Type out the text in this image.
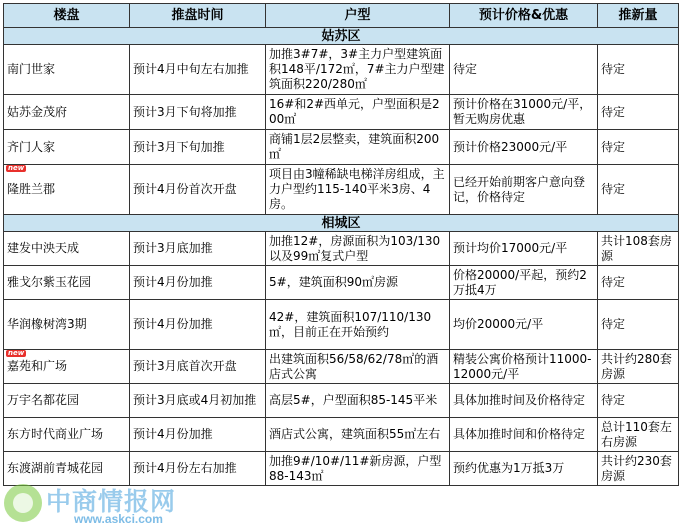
楼盘	推盘时间	户型	预计价格&优惠	推新量
姑苏区				
南门世家	预计4月中旬左右加推	加推3#7#，3#主力户型建筑面积148平/172㎡，7#主力户型建筑面积220/280㎡	待定	待定
姑苏金茂府	预计3月下旬将加推	16#和2#西单元，户型面积是200㎡	预计价格在31000元/平，暂无购房优惠	待定
齐门人家	预计3月下旬加推	商铺1层2层整卖，建筑面积200㎡	预计价格23000元/平	待定

new
隆胜兰郡	预计4月份首次开盘	项目由3幢稀缺电梯洋房组成，主力户型约115-140平米3房、4房。	已经开始前期客户意向登记，价格待定	待定
相城区				
建发中泱天成	预计3月底加推	加推12#，房源面积为103/130以及99㎡复式户型	预计均价17000元/平	共计108套房源
雅戈尔紫玉花园	预计4月份加推	5#，建筑面积90㎡房源	价格20000/平起，预约2万抵4万	待定
华润橡树湾3期	预计4月份加推	42#，建筑面积107/110/130㎡，目前正在开始预约	均价20000元/平	待定

new
嘉苑和广场	预计3月底首次开盘	出建筑面积56/58/62/78㎡的酒店式公寓	精装公寓价格预计11000-12000元/平	共计约280套房源
万宇名都花园	预计3月底或4月初加推	高层5#，户型面积85-145平米	具体加推时间及价格待定	待定
东方时代商业广场	预计4月份加推	酒店式公寓，建筑面积55㎡左右	具体加推时间和价格待定	总计110套左右房源
东渡湖前青城花园	预计4月份左右加推	加推9#/10#/11#新房源，户型88-143㎡	预约优惠为1万抵3万	共计约230套房源
中商情报网
www.askci.com
